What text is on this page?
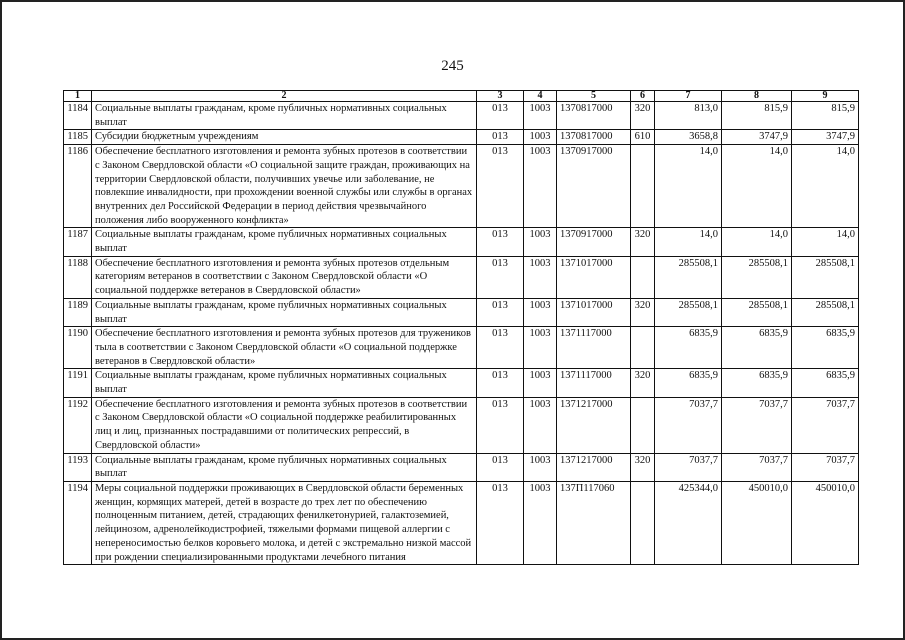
245
1	2	3	4	5	6	7	8	9
1184	Социальные выплаты гражданам, кроме публичных нормативных социальных выплат	013	1003	1370817000	320	813,0	815,9	815,9
1185	Субсидии бюджетным учреждениям	013	1003	1370817000	610	3658,8	3747,9	3747,9
1186	Обеспечение бесплатного изготовления и ремонта зубных протезов в соответствии с Законом Свердловской области «О социальной защите граждан, проживающих на территории Свердловской области, получивших увечье или заболевание, не повлекшие инвалидности, при прохождении военной службы или службы в органах внутренних дел Российской Федерации в период действия чрезвычайного положения либо вооруженного конфликта»	013	1003	1370917000		14,0	14,0	14,0
1187	Социальные выплаты гражданам, кроме публичных нормативных социальных выплат	013	1003	1370917000	320	14,0	14,0	14,0
1188	Обеспечение бесплатного изготовления и ремонта зубных протезов отдельным категориям ветеранов в соответствии с Законом Свердловской области «О социальной поддержке ветеранов в Свердловской области»	013	1003	1371017000		285508,1	285508,1	285508,1
1189	Социальные выплаты гражданам, кроме публичных нормативных социальных выплат	013	1003	1371017000	320	285508,1	285508,1	285508,1
1190	Обеспечение бесплатного изготовления и ремонта зубных протезов для тружеников тыла в соответствии с Законом Свердловской области «О социальной поддержке ветеранов в Свердловской области»	013	1003	1371117000		6835,9	6835,9	6835,9
1191	Социальные выплаты гражданам, кроме публичных нормативных социальных выплат	013	1003	1371117000	320	6835,9	6835,9	6835,9
1192	Обеспечение бесплатного изготовления и ремонта зубных протезов в соответствии с Законом Свердловской области «О социальной поддержке реабилитированных лиц и лиц, признанных пострадавшими от политических репрессий, в Свердловской области»	013	1003	1371217000		7037,7	7037,7	7037,7
1193	Социальные выплаты гражданам, кроме публичных нормативных социальных выплат	013	1003	1371217000	320	7037,7	7037,7	7037,7
1194	Меры социальной поддержки проживающих в Свердловской области беременных женщин, кормящих матерей, детей в возрасте до трех лет по обеспечению полноценным питанием, детей, страдающих фенилкетонурией, галактоземией, лейцинозом, адренолейкодистрофией, тяжелыми формами пищевой аллергии с непереносимостью белков коровьего молока, и детей с экстремально низкой массой при рождении специализированными продуктами лечебного питания	013	1003	137П117060		425344,0	450010,0	450010,0
